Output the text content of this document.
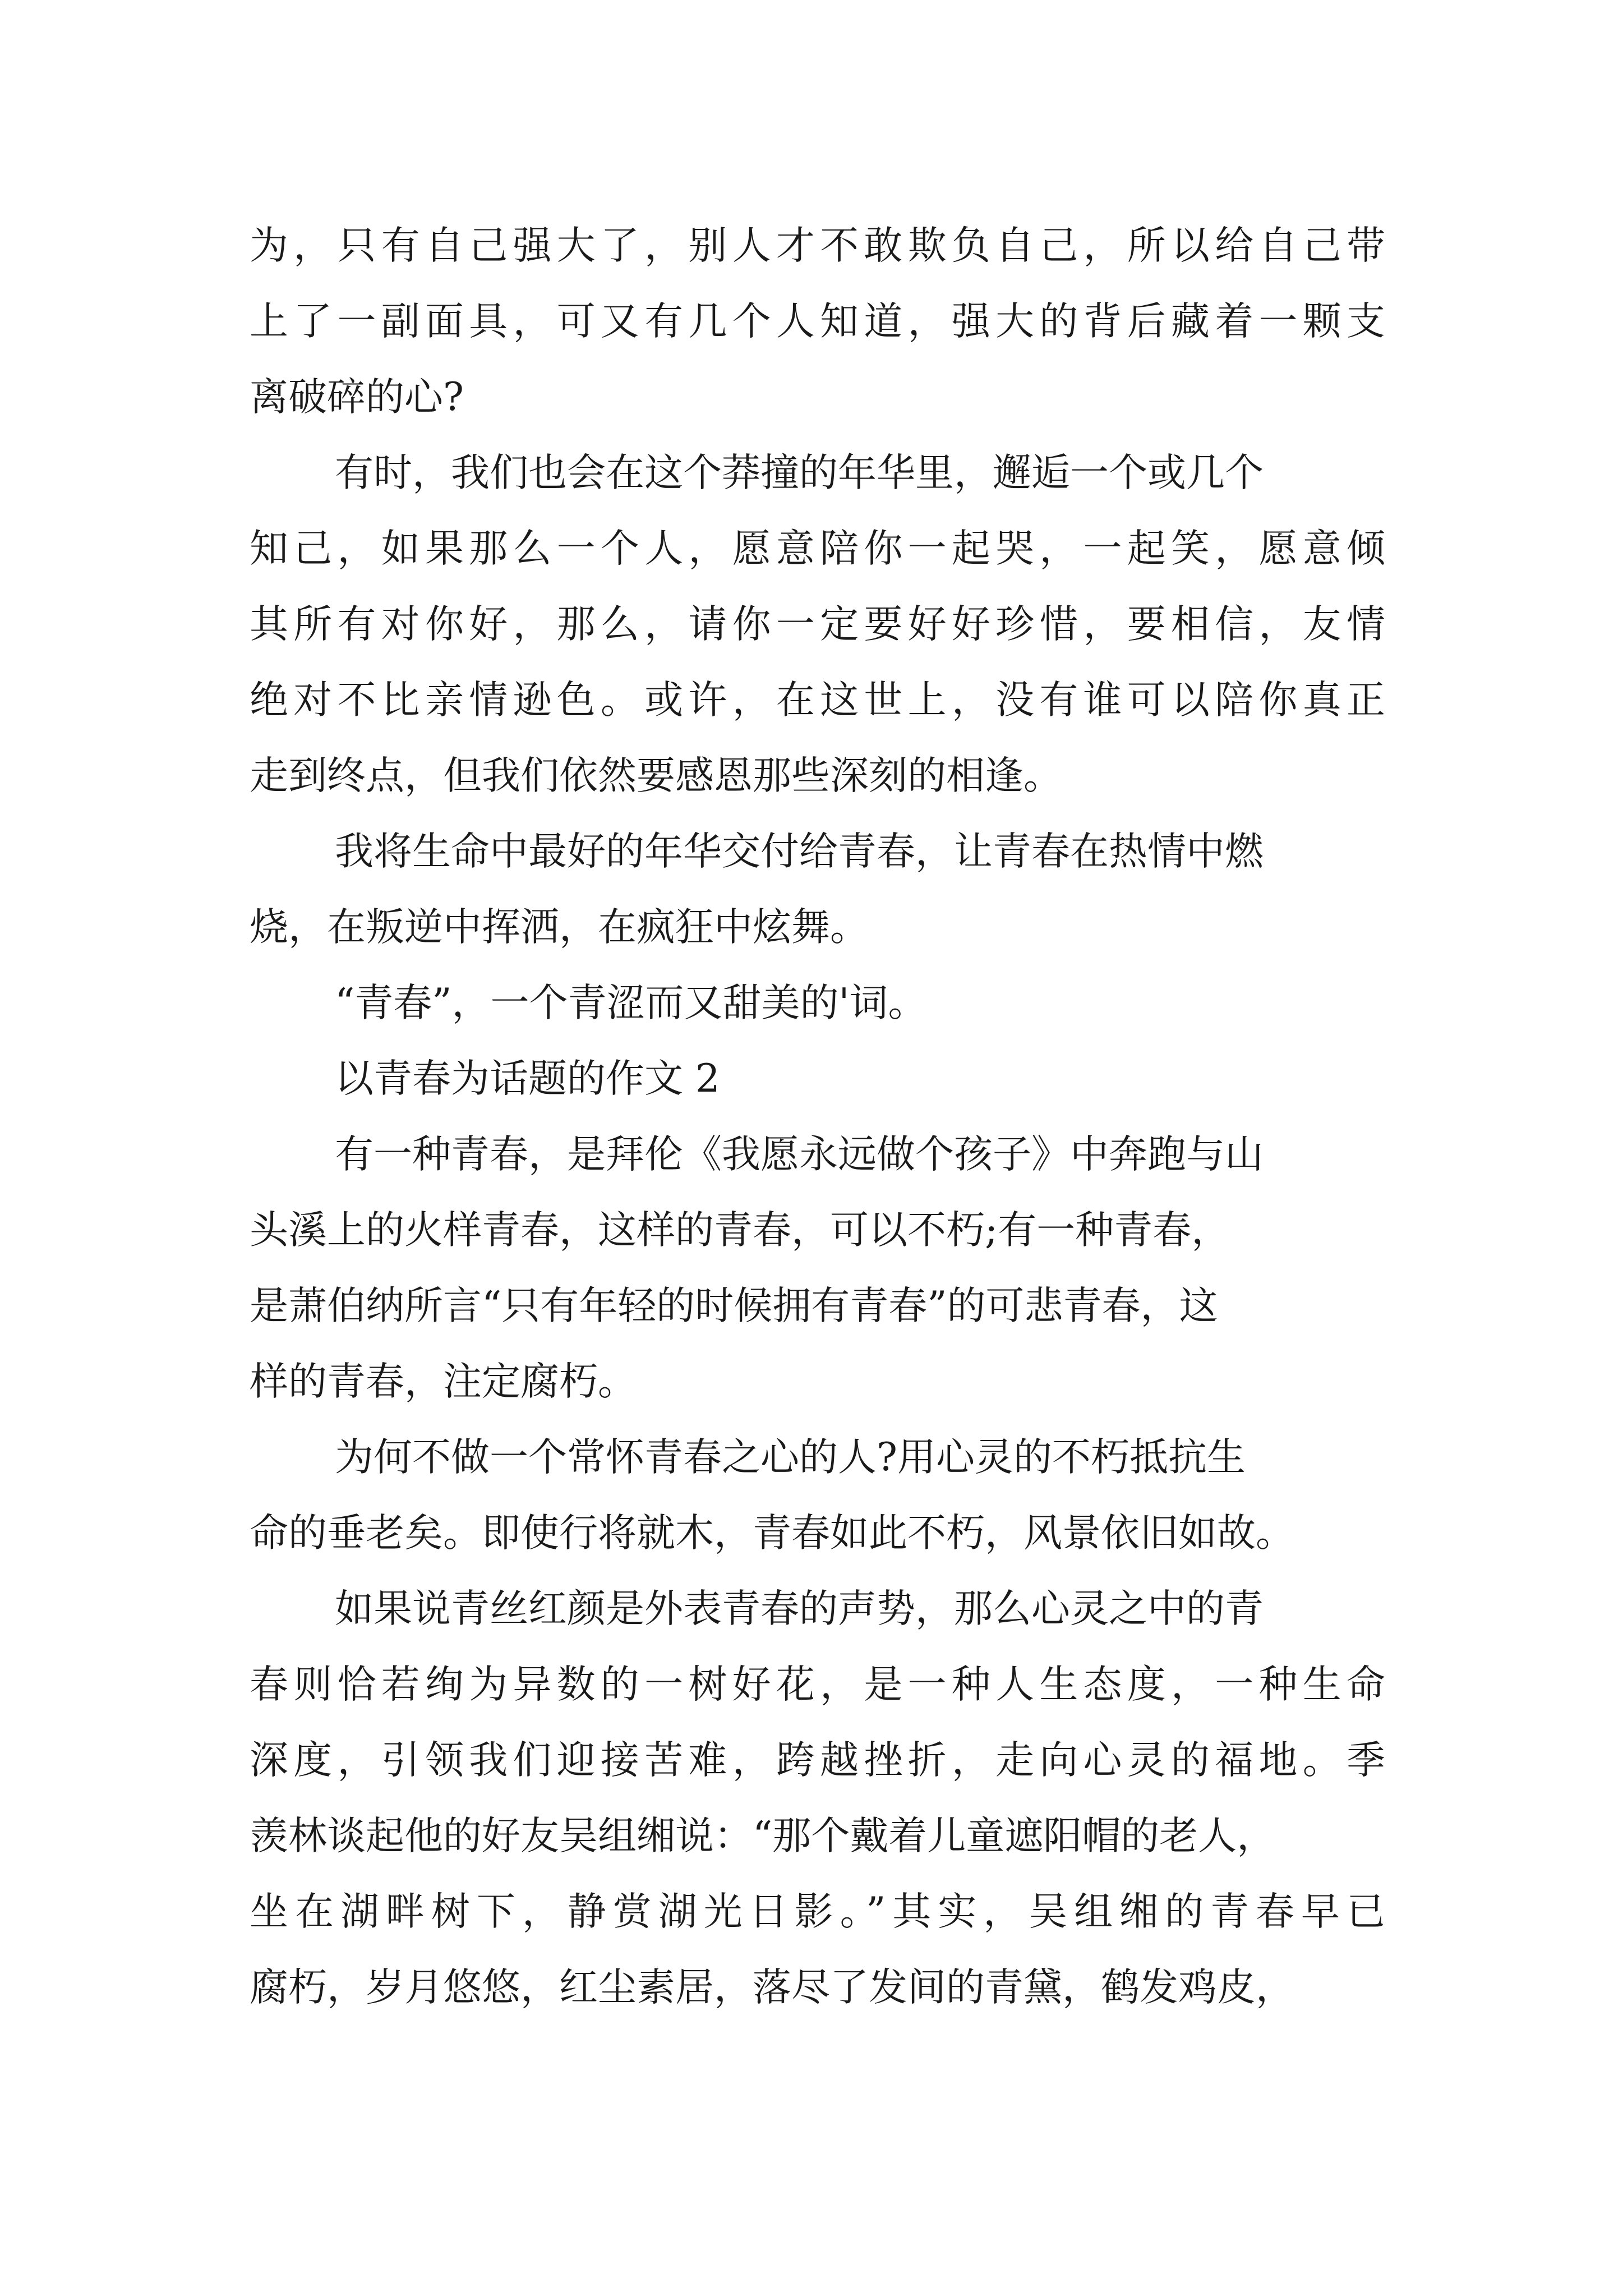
为，只有自己强大了，别人才不敢欺负自己，所以给自己带

上了一副面具，可又有几个人知道，强大的背后藏着一颗支

离破碎的心?

有时，我们也会在这个莽撞的年华里，邂逅一个或几个

知己，如果那么一个人，愿意陪你一起哭，一起笑，愿意倾

其所有对你好，那么，请你一定要好好珍惜，要相信，友情

绝对不比亲情逊色。或许，在这世上，没有谁可以陪你真正

走到终点，但我们依然要感恩那些深刻的相逢。

我将生命中最好的年华交付给青春，让青春在热情中燃

烧，在叛逆中挥洒，在疯狂中炫舞。

“青春”，一个青涩而又甜美的'词。

以青春为话题的作文 2

有一种青春，是拜伦《我愿永远做个孩子》中奔跑与山

头溪上的火样青春，这样的青春，可以不朽;有一种青春，

是萧伯纳所言“只有年轻的时候拥有青春”的可悲青春，这

样的青春，注定腐朽。

为何不做一个常怀青春之心的人?用心灵的不朽抵抗生

命的垂老矣。即使行将就木，青春如此不朽，风景依旧如故。

如果说青丝红颜是外表青春的声势，那么心灵之中的青

春则恰若绚为异数的一树好花，是一种人生态度，一种生命

深度，引领我们迎接苦难，跨越挫折，走向心灵的福地。季

羡林谈起他的好友吴组缃说：“那个戴着儿童遮阳帽的老人，

坐在湖畔树下，静赏湖光日影。”其实，吴组缃的青春早已

腐朽，岁月悠悠，红尘素居，落尽了发间的青黛，鹤发鸡皮，
